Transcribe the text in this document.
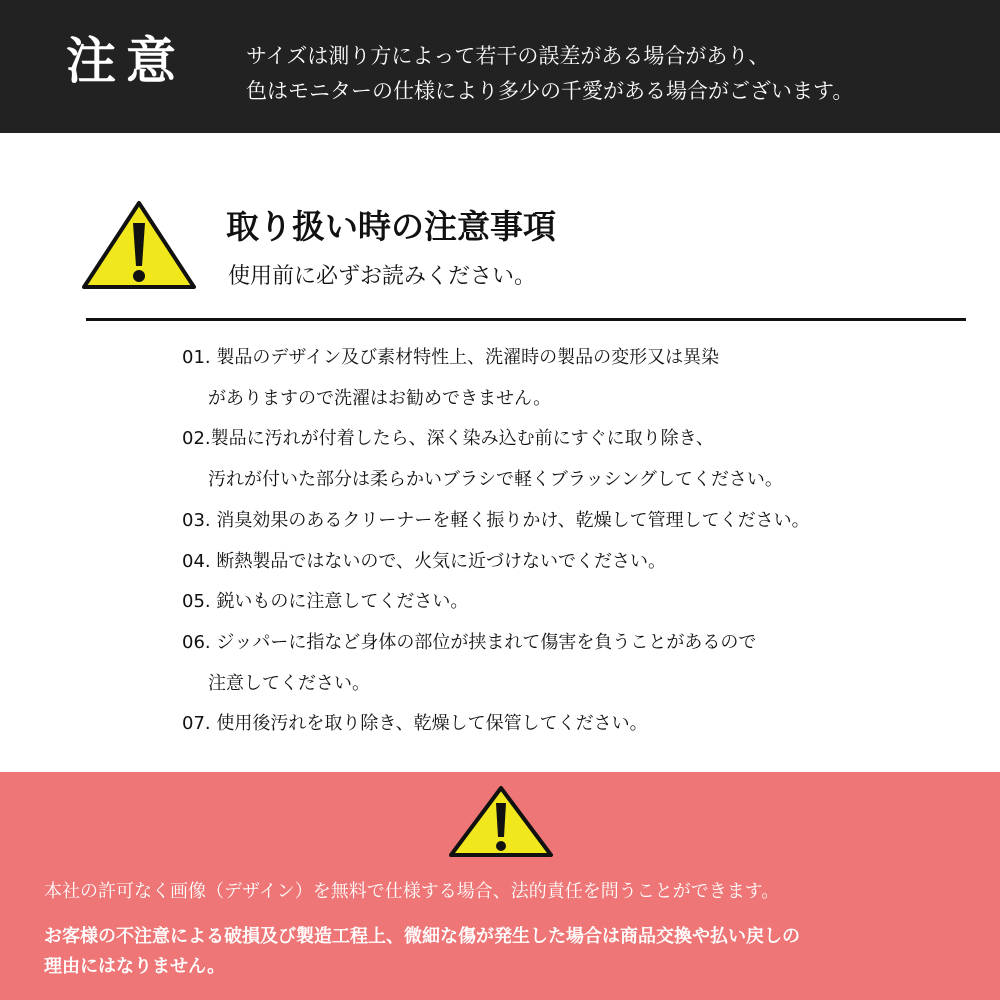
注意	サイズは測り方によって若干の誤差がある場合があり、
色はモニターの仕様により多少の千愛がある場合がございます。
取り扱い時の注意事項
使用前に必ずお読みください。
01. 製品のデザイン及び素材特性上、洗濯時の製品の変形又は異染
がありますので洗濯はお勧めできません。
02.製品に汚れが付着したら、深く染み込む前にすぐに取り除き、
汚れが付いた部分は柔らかいブラシで軽くブラッシングしてください。
03. 消臭効果のあるクリーナーを軽く振りかけ、乾燥して管理してください。
04. 断熱製品ではないので、火気に近づけないでください。
05. 鋭いものに注意してください。
06. ジッパーに指など身体の部位が挟まれて傷害を負うことがあるので
注意してください。
07. 使用後汚れを取り除き、乾燥して保管してください。
本社の許可なく画像（デザイン）を無料で仕様する場合、法的責任を問うことができます。
お客様の不注意による破損及び製造工程上、微細な傷が発生した場合は商品交換や払い戻しの
理由にはなりません。
